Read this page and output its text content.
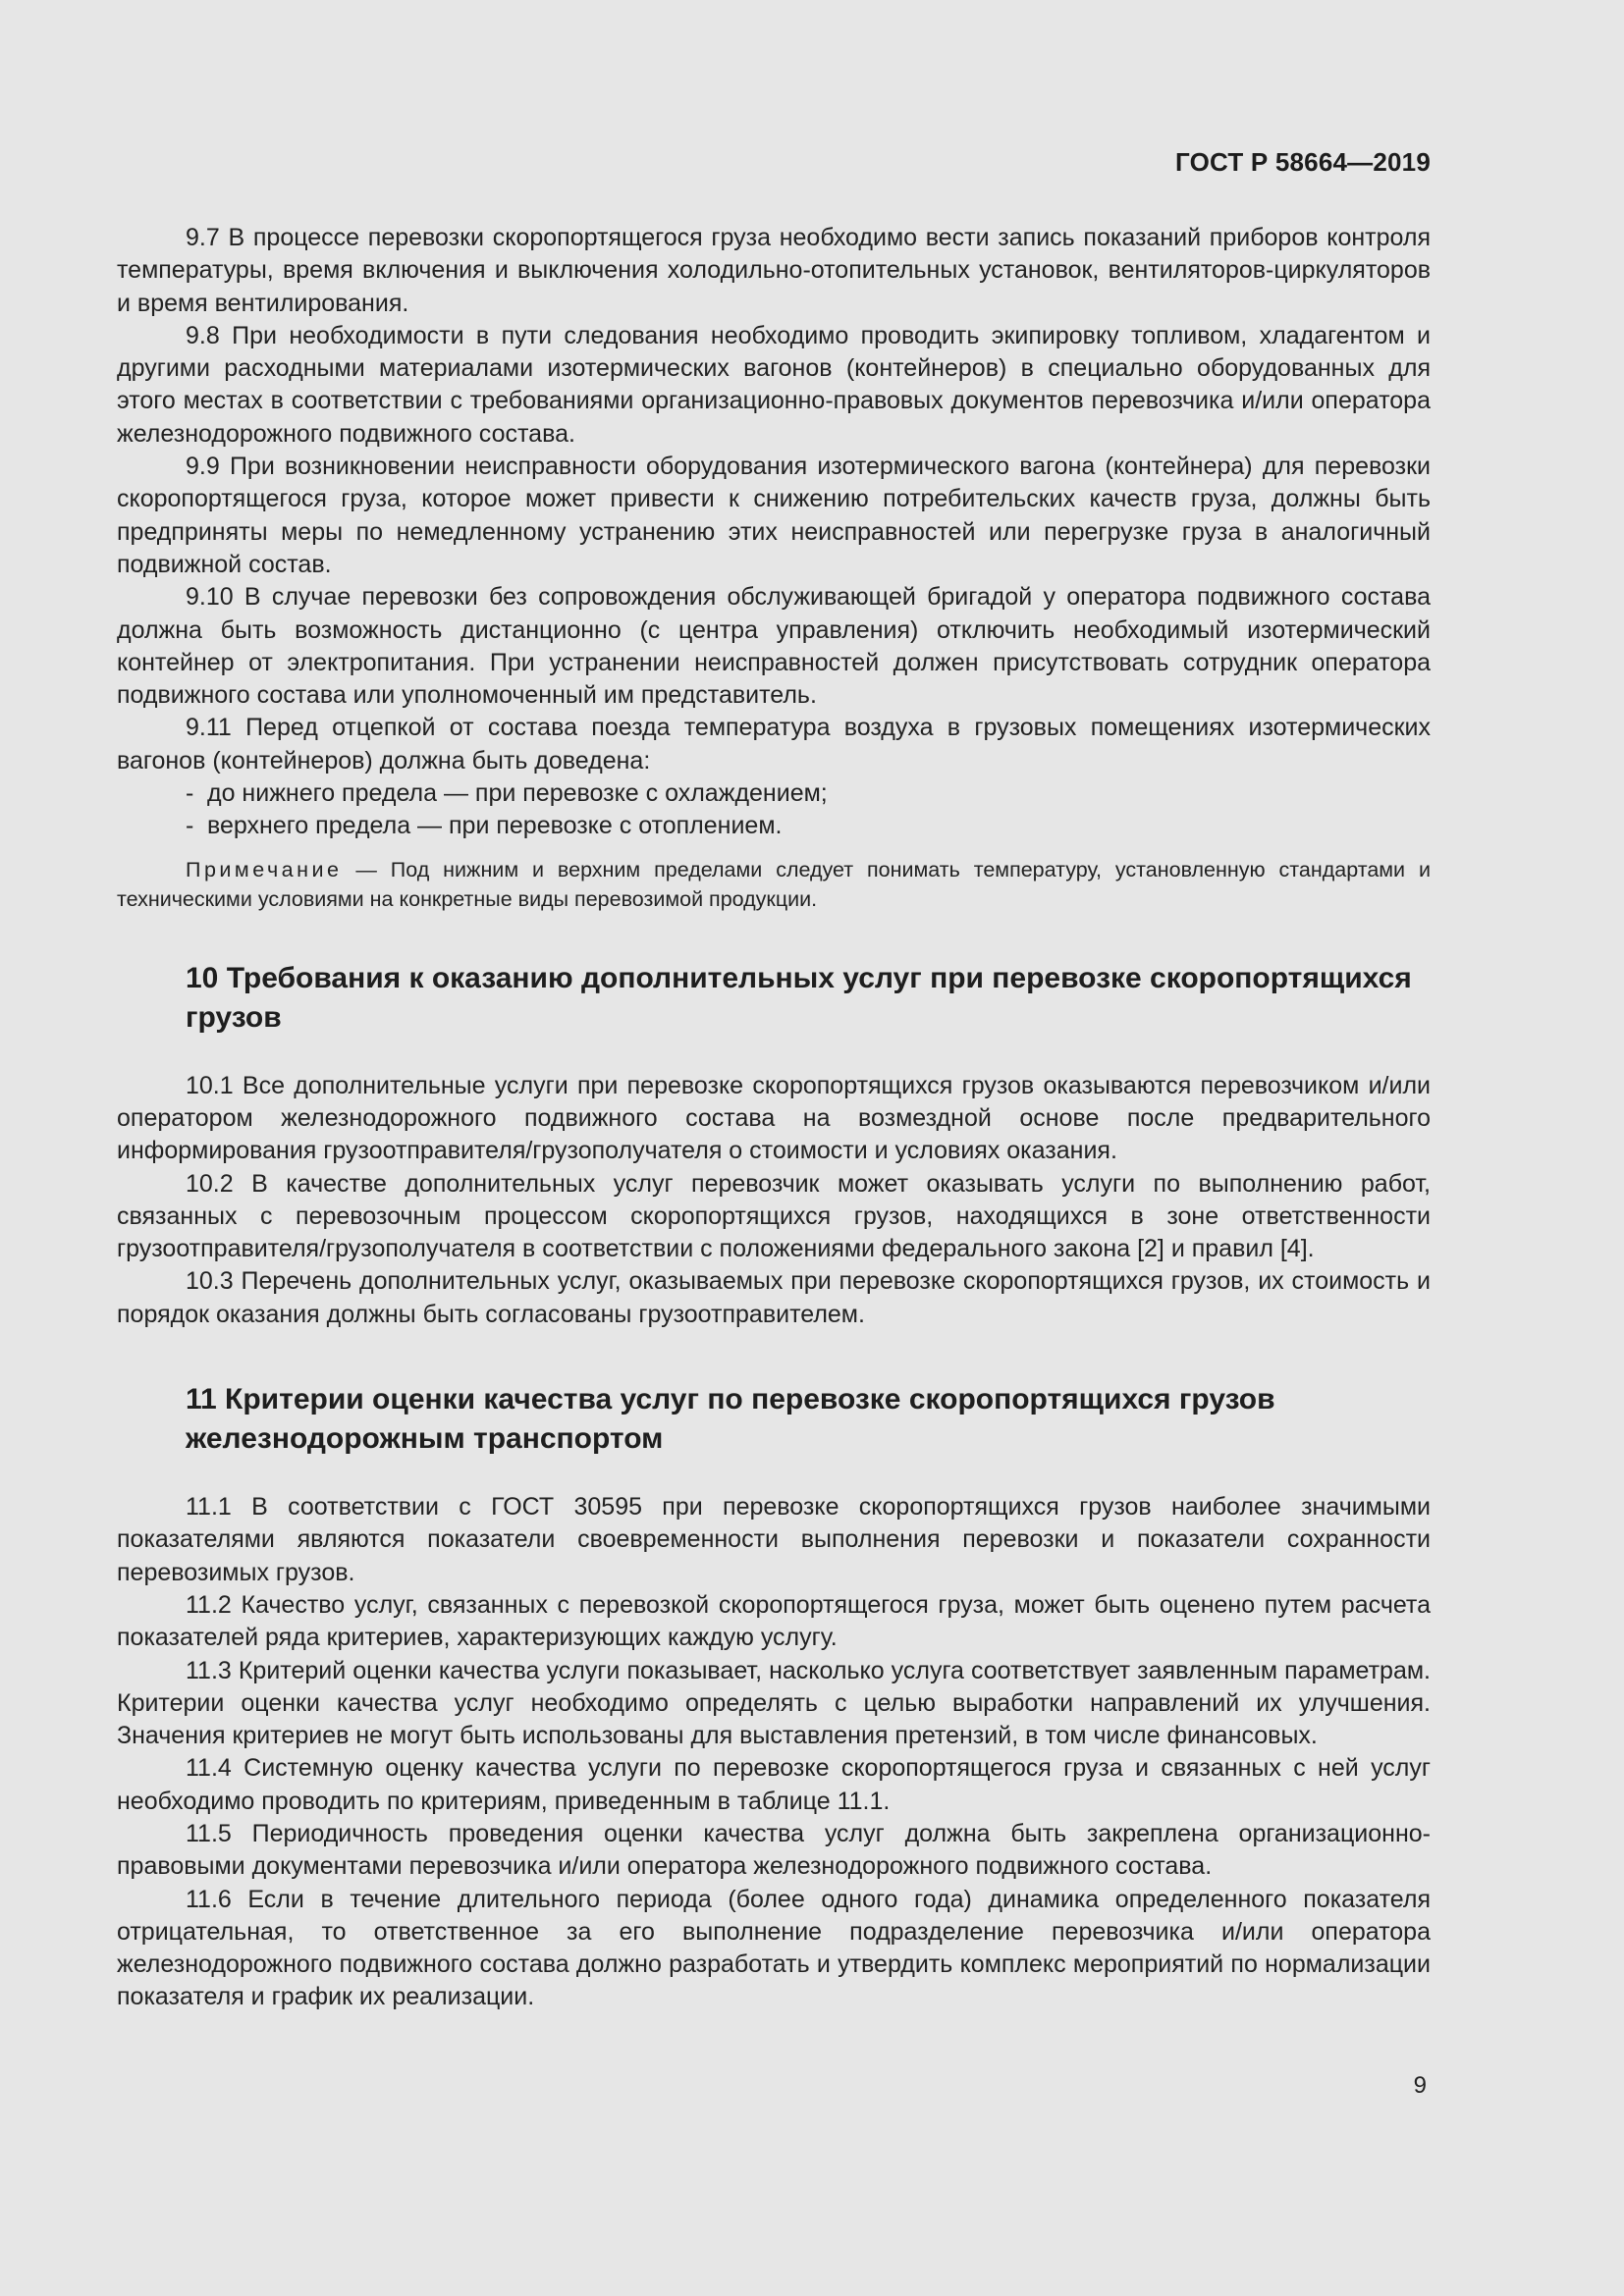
ГОСТ Р 58664—2019

9.7 В процессе перевозки скоропортящегося груза необходимо вести запись показаний приборов контроля температуры, время включения и выключения холодильно-отопительных установок, вентиляторов-циркуляторов и время вентилирования.

9.8 При необходимости в пути следования необходимо проводить экипировку топливом, хладагентом и другими расходными материалами изотермических вагонов (контейнеров) в специально оборудованных для этого местах в соответствии с требованиями организационно-правовых документов перевозчика и/или оператора железнодорожного подвижного состава.

9.9 При возникновении неисправности оборудования изотермического вагона (контейнера) для перевозки скоропортящегося груза, которое может привести к снижению потребительских качеств груза, должны быть предприняты меры по немедленному устранению этих неисправностей или перегрузке груза в аналогичный подвижной состав.

9.10 В случае перевозки без сопровождения обслуживающей бригадой у оператора подвижного состава должна быть возможность дистанционно (с центра управления) отключить необходимый изотермический контейнер от электропитания. При устранении неисправностей должен присутствовать сотрудник оператора подвижного состава или уполномоченный им представитель.

9.11 Перед отцепкой от состава поезда температура воздуха в грузовых помещениях изотермических вагонов (контейнеров) должна быть доведена:

- до нижнего предела — при перевозке с охлаждением;

- верхнего предела — при перевозке с отоплением.

Примечание — Под нижним и верхним пределами следует понимать температуру, установленную стандартами и техническими условиями на конкретные виды перевозимой продукции.

10 Требования к оказанию дополнительных услуг при перевозке скоропортящихся грузов

10.1 Все дополнительные услуги при перевозке скоропортящихся грузов оказываются перевозчиком и/или оператором железнодорожного подвижного состава на возмездной основе после предварительного информирования грузоотправителя/грузополучателя о стоимости и условиях оказания.

10.2 В качестве дополнительных услуг перевозчик может оказывать услуги по выполнению работ, связанных с перевозочным процессом скоропортящихся грузов, находящихся в зоне ответственности грузоотправителя/грузополучателя в соответствии с положениями федерального закона [2] и правил [4].

10.3 Перечень дополнительных услуг, оказываемых при перевозке скоропортящихся грузов, их стоимость и порядок оказания должны быть согласованы грузоотправителем.

11 Критерии оценки качества услуг по перевозке скоропортящихся грузов железнодорожным транспортом

11.1 В соответствии с ГОСТ 30595 при перевозке скоропортящихся грузов наиболее значимыми показателями являются показатели своевременности выполнения перевозки и показатели сохранности перевозимых грузов.

11.2 Качество услуг, связанных с перевозкой скоропортящегося груза, может быть оценено путем расчета показателей ряда критериев, характеризующих каждую услугу.

11.3 Критерий оценки качества услуги показывает, насколько услуга соответствует заявленным параметрам. Критерии оценки качества услуг необходимо определять с целью выработки направлений их улучшения. Значения критериев не могут быть использованы для выставления претензий, в том числе финансовых.

11.4 Системную оценку качества услуги по перевозке скоропортящегося груза и связанных с ней услуг необходимо проводить по критериям, приведенным в таблице 11.1.

11.5 Периодичность проведения оценки качества услуг должна быть закреплена организационно-правовыми документами перевозчика и/или оператора железнодорожного подвижного состава.

11.6 Если в течение длительного периода (более одного года) динамика определенного показателя отрицательная, то ответственное за его выполнение подразделение перевозчика и/или оператора железнодорожного подвижного состава должно разработать и утвердить комплекс мероприятий по нормализации показателя и график их реализации.

9
